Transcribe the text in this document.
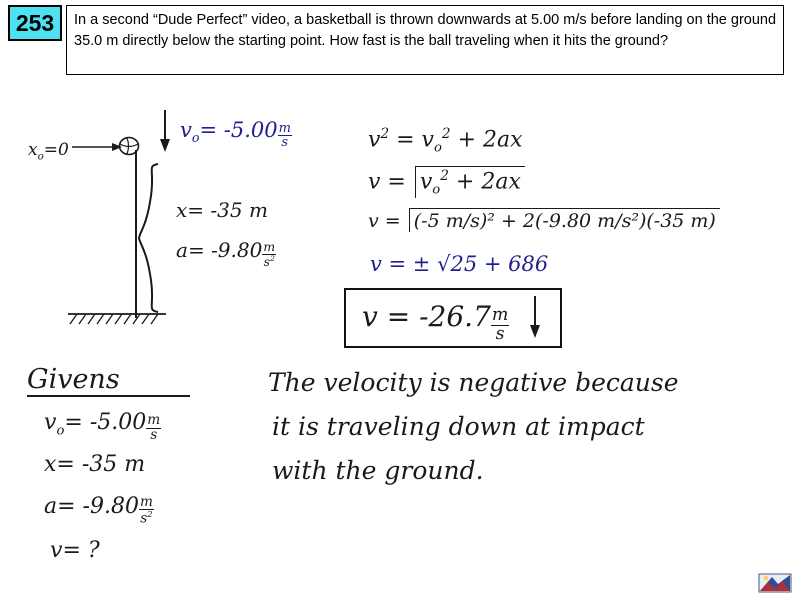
253	In a second “Dude Perfect” video, a basketball is thrown downwards at 5.00 m/s before landing on the ground 35.0 m directly below the starting point. How fast is the ball traveling when it hits the ground?
$x_o=0$
$v_o= -5.00 \frac{m}{s}$
x= -35 m
$a= -9.80 \frac{m}{s^2}$
$v^2 = v_o^2 + 2ax$
$v = v_o^2 + 2ax$
v = (-5 m/s)² + 2(-9.80 m/s²)(-35 m)
v = ± √25 + 686
$v = -26.7 \frac{m}{s}$
Givens
$v_o= -5.00 \frac{m}{s}$
x= -35 m
$a= -9.80 \frac{m}{s^2}$
v= ?
The velocity is negative because
it is traveling down at impact
with the ground.
